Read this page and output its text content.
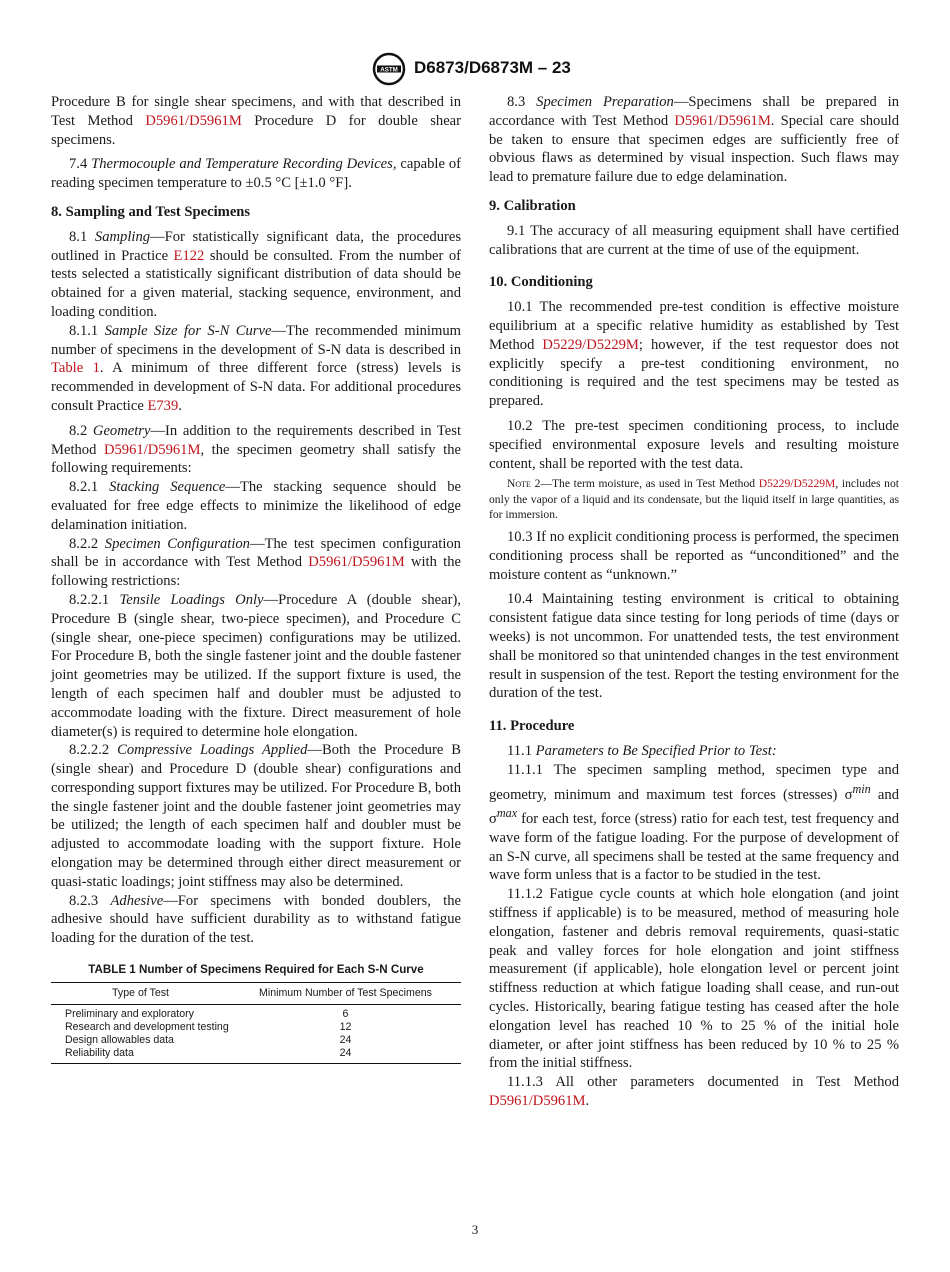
ASTM D6873/D6873M – 23

Procedure B for single shear specimens, and with that described in Test Method D5961/D5961M Procedure D for double shear specimens.

7.4 Thermocouple and Temperature Recording Devices, capable of reading specimen temperature to ±0.5 °C [±1.0 °F].

8. Sampling and Test Specimens

8.1 Sampling—For statistically significant data, the procedures outlined in Practice E122 should be consulted. From the number of tests selected a statistically significant distribution of data should be obtained for a given material, stacking sequence, environment, and loading condition.

8.1.1 Sample Size for S-N Curve—The recommended minimum number of specimens in the development of S-N data is described in Table 1. A minimum of three different force (stress) levels is recommended in development of S-N data. For additional procedures consult Practice E739.

8.2 Geometry—In addition to the requirements described in Test Method D5961/D5961M, the specimen geometry shall satisfy the following requirements:

8.2.1 Stacking Sequence—The stacking sequence should be evaluated for free edge effects to minimize the likelihood of edge delamination initiation.

8.2.2 Specimen Configuration—The test specimen configuration shall be in accordance with Test Method D5961/D5961M with the following restrictions:

8.2.2.1 Tensile Loadings Only—Procedure A (double shear), Procedure B (single shear, two-piece specimen), and Procedure C (single shear, one-piece specimen) configurations may be utilized. For Procedure B, both the single fastener joint and the double fastener joint geometries may be utilized. If the support fixture is used, the length of each specimen half and doubler must be adjusted to accommodate loading with the fixture. Direct measurement of hole diameter(s) is required to determine hole elongation.

8.2.2.2 Compressive Loadings Applied—Both the Procedure B (single shear) and Procedure D (double shear) configurations and corresponding support fixtures may be utilized. For Procedure B, both the single fastener joint and the double fastener joint geometries may be utilized; the length of each specimen half and doubler must be adjusted to accommodate loading with the support fixture. Hole elongation may be determined through either direct measurement or quasi-static loadings; joint stiffness may also be determined.

8.2.3 Adhesive—For specimens with bonded doublers, the adhesive should have sufficient durability as to withstand fatigue loading for the duration of the test.

TABLE 1 Number of Specimens Required for Each S-N Curve
Type of Test	Minimum Number of Test Specimens
Preliminary and exploratory	6
Research and development testing	12
Design allowables data	24
Reliability data	24

8.3 Specimen Preparation—Specimens shall be prepared in accordance with Test Method D5961/D5961M. Special care should be taken to ensure that specimen edges are sufficiently free of obvious flaws as determined by visual inspection. Such flaws may lead to premature failure due to edge delamination.

9. Calibration

9.1 The accuracy of all measuring equipment shall have certified calibrations that are current at the time of use of the equipment.

10. Conditioning

10.1 The recommended pre-test condition is effective moisture equilibrium at a specific relative humidity as established by Test Method D5229/D5229M; however, if the test requestor does not explicitly specify a pre-test conditioning environment, no conditioning is required and the test specimens may be tested as prepared.

10.2 The pre-test specimen conditioning process, to include specified environmental exposure levels and resulting moisture content, shall be reported with the test data.

Note 2—The term moisture, as used in Test Method D5229/D5229M, includes not only the vapor of a liquid and its condensate, but the liquid itself in large quantities, as for immersion.

10.3 If no explicit conditioning process is performed, the specimen conditioning process shall be reported as “unconditioned” and the moisture content as “unknown.”

10.4 Maintaining testing environment is critical to obtaining consistent fatigue data since testing for long periods of time (days or weeks) is not uncommon. For unattended tests, the test environment shall be monitored so that unintended changes in the test environment result in suspension of the test. Report the testing environment for the duration of the test.

11. Procedure

11.1 Parameters to Be Specified Prior to Test:

11.1.1 The specimen sampling method, specimen type and geometry, minimum and maximum test forces (stresses) $\sigma^{min}$ and $\sigma^{max}$ for each test, force (stress) ratio for each test, test frequency and wave form of the fatigue loading. For the purpose of development of an S-N curve, all specimens shall be tested at the same frequency and wave form unless that is a factor to be studied in the test.

11.1.2 Fatigue cycle counts at which hole elongation (and joint stiffness if applicable) is to be measured, method of measuring hole elongation, fastener and debris removal requirements, quasi-static peak and valley forces for hole elongation and joint stiffness measurement (if applicable), hole elongation level or percent joint stiffness reduction at which fatigue loading shall cease, and run-out cycles. Historically, bearing fatigue testing has ceased after the hole elongation level has reached 10 % to 25 % of the initial hole diameter, or after joint stiffness has been reduced by 10 % to 25 % from the initial stiffness.

11.1.3 All other parameters documented in Test Method D5961/D5961M.

3
